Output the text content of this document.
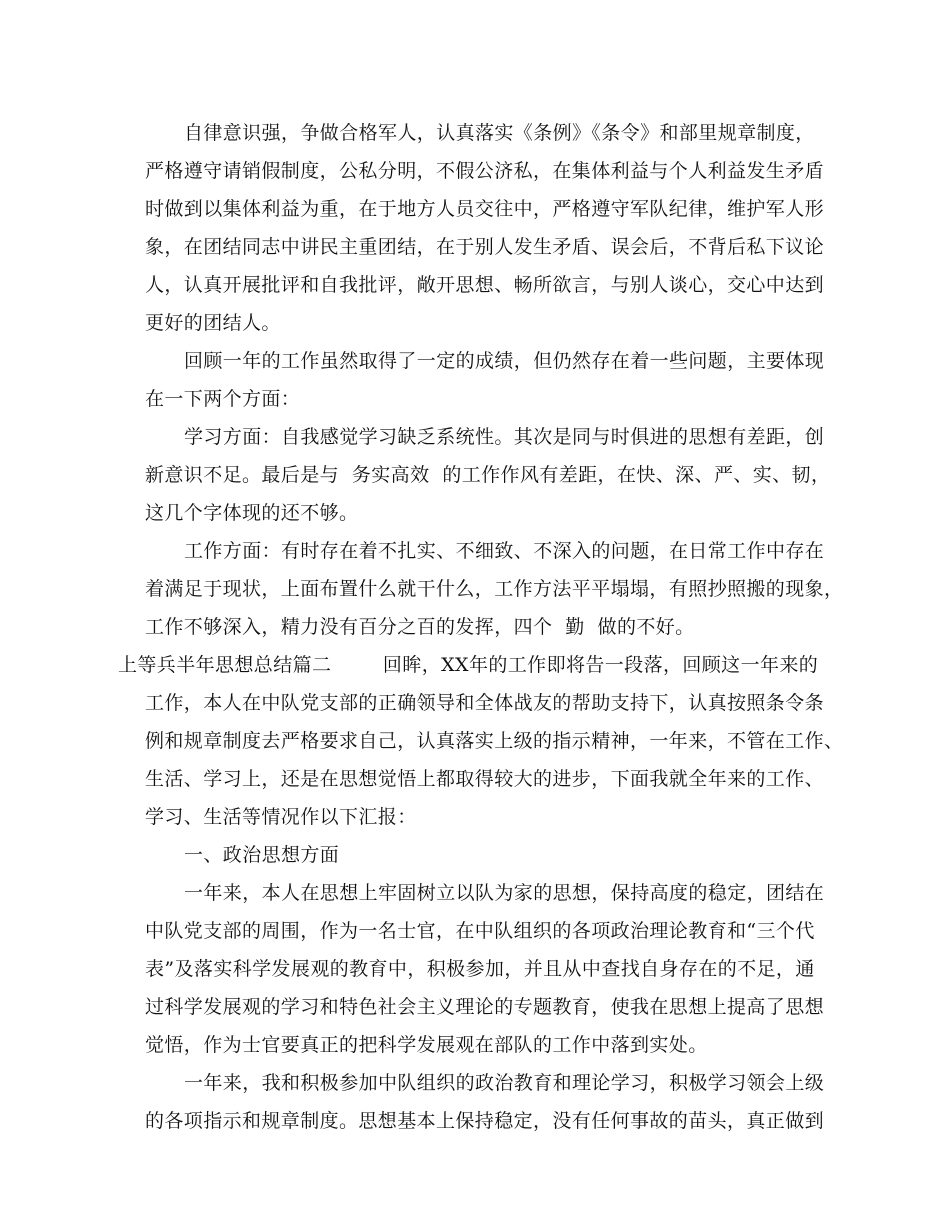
自律意识强，争做合格军人，认真落实《条例》《条令》和部里规章制度，
严格遵守请销假制度，公私分明，不假公济私，在集体利益与个人利益发生矛盾
时做到以集体利益为重，在于地方人员交往中，严格遵守军队纪律，维护军人形
象，在团结同志中讲民主重团结，在于别人发生矛盾、误会后，不背后私下议论
人，认真开展批评和自我批评，敞开思想、畅所欲言，与别人谈心，交心中达到
更好的团结人。
回顾一年的工作虽然取得了一定的成绩，但仍然存在着一些问题，主要体现
在一下两个方面：
学习方面：自我感觉学习缺乏系统性。其次是同与时俱进的思想有差距，创
新意识不足。最后是与  务实高效  的工作作风有差距，在快、深、严、实、韧，
这几个字体现的还不够。
工作方面：有时存在着不扎实、不细致、不深入的问题，在日常工作中存在
着满足于现状，上面布置什么就干什么，工作方法平平塌塌，有照抄照搬的现象，
工作不够深入，精力没有百分之百的发挥，四个  勤  做的不好。
上等兵半年思想总结篇二        回眸，XX年的工作即将告一段落，回顾这一年来的
工作，本人在中队党支部的正确领导和全体战友的帮助支持下，认真按照条令条
例和规章制度去严格要求自己，认真落实上级的指示精神，一年来，不管在工作、
生活、学习上，还是在思想觉悟上都取得较大的进步，下面我就全年来的工作、
学习、生活等情况作以下汇报：
一、政治思想方面
一年来，本人在思想上牢固树立以队为家的思想，保持高度的稳定，团结在
中队党支部的周围，作为一名士官，在中队组织的各项政治理论教育和“三个代
表”及落实科学发展观的教育中，积极参加，并且从中查找自身存在的不足，通
过科学发展观的学习和特色社会主义理论的专题教育，使我在思想上提高了思想
觉悟，作为士官要真正的把科学发展观在部队的工作中落到实处。
一年来，我和积极参加中队组织的政治教育和理论学习，积极学习领会上级
的各项指示和规章制度。思想基本上保持稳定，没有任何事故的苗头，真正做到
